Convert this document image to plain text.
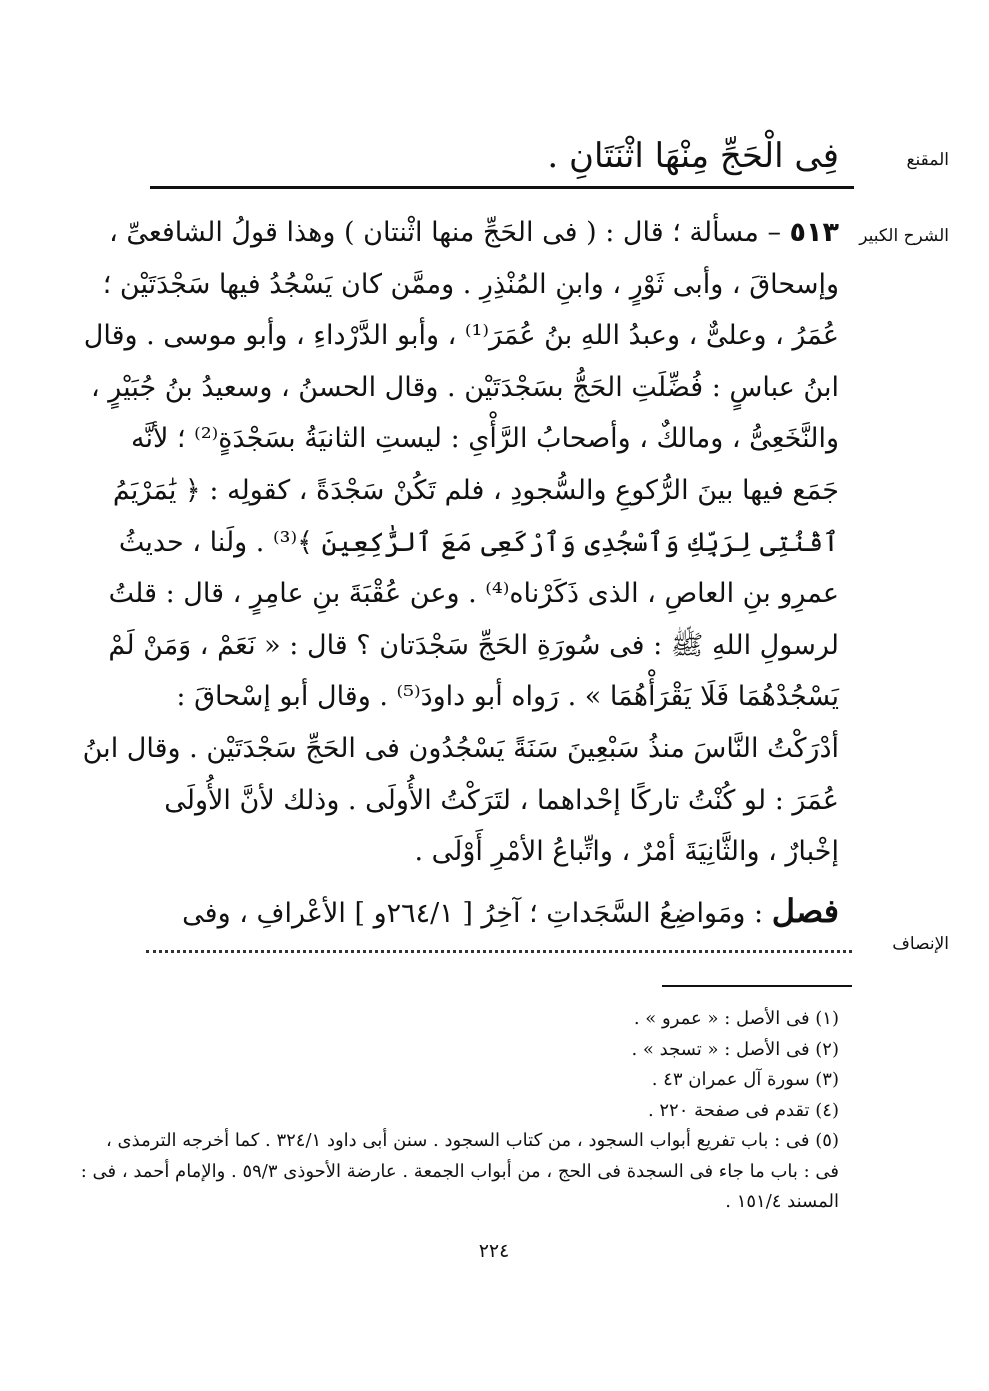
المقنع
الشرح الكبير
الإنصاف
فِى الْحَجِّ مِنْهَا اثْنَتَانِ .
٥١٣ – مسألة ؛ قال : ( فى الحَجِّ منها اثْنتان ) وهذا قولُ الشافعىِّ ،
وإسحاقَ ، وأبى ثَوْرٍ ، وابنِ المُنْذِرِ . وممَّن كان يَسْجُدُ فيها سَجْدَتَيْن ؛
عُمَرُ ، وعلىٌّ ، وعبدُ اللهِ بنُ عُمَرَ⁽¹⁾ ، وأبو الدَّرْداءِ ، وأبو موسى . وقال
ابنُ عباسٍ : فُضِّلَتِ الحَجُّ بسَجْدَتَيْن . وقال الحسنُ ، وسعيدُ بنُ جُبَيْرٍ ،
والنَّخَعِىُّ ، ومالكٌ ، وأصحابُ الرَّأْىِ : ليستِ الثانيَةُ بسَجْدَةٍ⁽²⁾ ؛ لأنَّه
جَمَع فيها بينَ الرُّكوعِ والسُّجودِ ، فلم تَكُنْ سَجْدَةً ، كقولِه : ﴿ يَٰمَرْيَمُ
ٱقْنُتِى لِرَبِّكِ وَٱسْجُدِى وَٱرْكَعِى مَعَ ٱلرَّٰكِعِينَ ﴾⁽³⁾ . ولَنا ، حديثُ
عمرِو بنِ العاصِ ، الذى ذَكَرْناه⁽⁴⁾ . وعن عُقْبَةَ بنِ عامِرٍ ، قال : قلتُ
لرسولِ اللهِ ﷺ : فى سُورَةِ الحَجِّ سَجْدَتان ؟ قال : « نَعَمْ ، وَمَنْ لَمْ
يَسْجُدْهُمَا فَلَا يَقْرَأْهُمَا » . رَواه أبو داودَ⁽⁵⁾ . وقال أبو إسْحاقَ :
أدْرَكْتُ النَّاسَ منذُ سَبْعِينَ سَنَةً يَسْجُدُون فى الحَجِّ سَجْدَتَيْن . وقال ابنُ
عُمَرَ : لو كُنْتُ تاركًا إحْداهما ، لتَرَكْتُ الأُولَى . وذلك لأنَّ الأُولَى
إخْبارٌ ، والثَّانِيَةَ أمْرٌ ، واتِّباعُ الأمْرِ أَوْلَى .
فصل : ومَواضِعُ السَّجَداتِ ؛ آخِرُ [ ٢٦٤/١و ] الأعْرافِ ، وفى
(١) فى الأصل : « عمرو » .
(٢) فى الأصل : « تسجد » .
(٣) سورة آل عمران ٤٣ .
(٤) تقدم فى صفحة ٢٢٠ .
(٥) فى : باب تفريع أبواب السجود ، من كتاب السجود . سنن أبى داود ٣٢٤/١ . كما أخرجه الترمذى ،
فى : باب ما جاء فى السجدة فى الحج ، من أبواب الجمعة . عارضة الأحوذى ٥٩/٣ . والإمام أحمد ، فى :
المسند ١٥١/٤ .
٢٢٤
